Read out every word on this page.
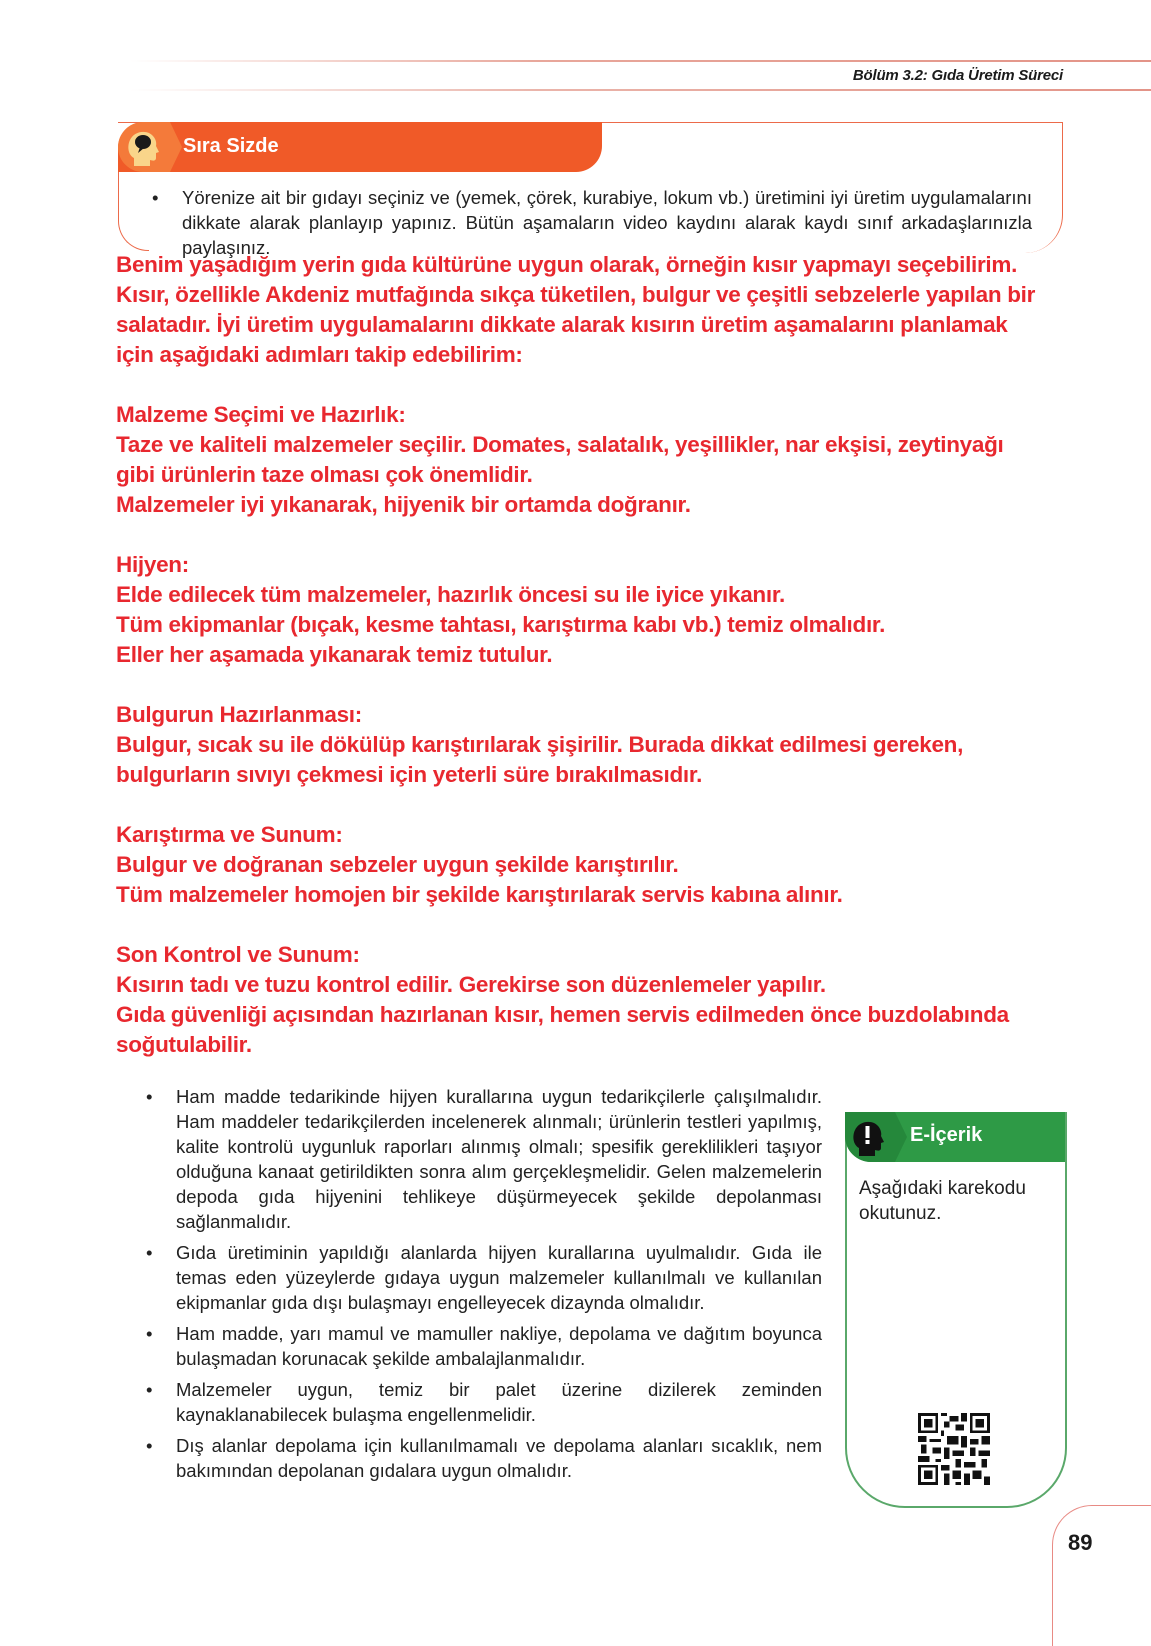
Bölüm 3.2: Gıda Üretim Süreci
Sıra Sizde
•	Yörenize ait bir gıdayı seçiniz ve (yemek, çörek, kurabiye, lokum vb.) üretimini iyi üretim uygulamalarını dikkate alarak planlayıp yapınız. Bütün aşamaların video kaydını alarak kaydı sınıf arkadaşlarınızla paylaşınız.

Benim yaşadığım yerin gıda kültürüne uygun olarak, örneğin kısır yapmayı seçebilirim. Kısır, özellikle Akdeniz mutfağında sıkça tüketilen, bulgur ve çeşitli sebzelerle yapılan bir salatadır. İyi üretim uygulamalarını dikkate alarak kısırın üretim aşamalarını planlamak için aşağıdaki adımları takip edebilirim:

Malzeme Seçimi ve Hazırlık:

Taze ve kaliteli malzemeler seçilir. Domates, salatalık, yeşillikler, nar ekşisi, zeytinyağı gibi ürünlerin taze olması çok önemlidir.

Malzemeler iyi yıkanarak, hijyenik bir ortamda doğranır.

Hijyen:

Elde edilecek tüm malzemeler, hazırlık öncesi su ile iyice yıkanır.

Tüm ekipmanlar (bıçak, kesme tahtası, karıştırma kabı vb.) temiz olmalıdır.

Eller her aşamada yıkanarak temiz tutulur.

Bulgurun Hazırlanması:

Bulgur, sıcak su ile dökülüp karıştırılarak şişirilir. Burada dikkat edilmesi gereken, bulgurların sıvıyı çekmesi için yeterli süre bırakılmasıdır.

Karıştırma ve Sunum:

Bulgur ve doğranan sebzeler uygun şekilde karıştırılır.

Tüm malzemeler homojen bir şekilde karıştırılarak servis kabına alınır.

Son Kontrol ve Sunum:

Kısırın tadı ve tuzu kontrol edilir. Gerekirse son düzenlemeler yapılır.

Gıda güvenliği açısından hazırlanan kısır, hemen servis edilmeden önce buzdolabında soğutulabilir.

• Ham madde tedarikinde hijyen kurallarına uygun tedarikçilerle çalışılmalıdır. Ham maddeler tedarikçilerden incelenerek alınmalı; ürünlerin testleri yapılmış, kalite kontrolü uygunluk raporları alınmış olmalı; spesifik gereklilikleri taşıyor olduğuna kanaat getirildikten sonra alım gerçekleşmelidir. Gelen malzemelerin depoda gıda hijyenini tehlikeye düşürmeyecek şekilde depolanması sağlanmalıdır.
• Gıda üretiminin yapıldığı alanlarda hijyen kurallarına uyulmalıdır. Gıda ile temas eden yüzeylerde gıdaya uygun malzemeler kullanılmalı ve kullanılan ekipmanlar gıda dışı bulaşmayı engelleyecek dizaynda olmalıdır.
• Ham madde, yarı mamul ve mamuller nakliye, depolama ve dağıtım boyunca bulaşmadan korunacak şekilde ambalajlanmalıdır.
• Malzemeler uygun, temiz bir palet üzerine dizilerek zeminden kaynaklanabilecek bulaşma engellenmelidir.
• Dış alanlar depolama için kullanılmamalı ve depolama alanları sıcaklık, nem bakımından depolanan gıdalara uygun olmalıdır.
E-İçerik
Aşağıdaki karekodu okutunuz.
89
